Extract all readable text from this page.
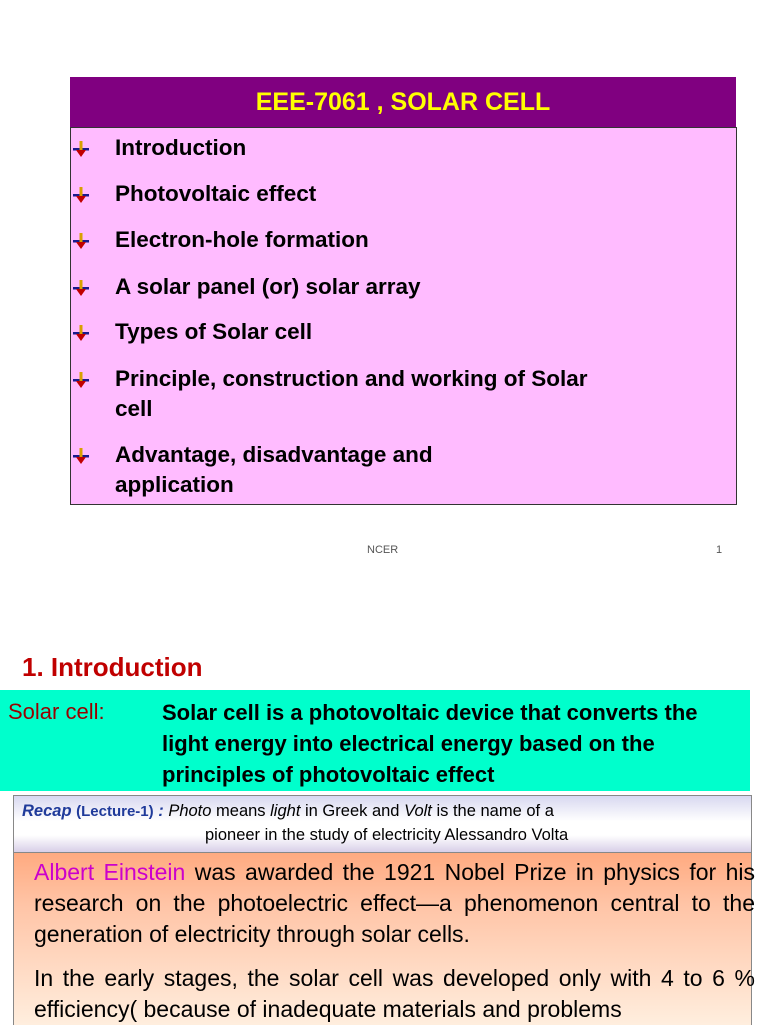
EEE-7061 , SOLAR CELL
Introduction
Photovoltaic effect
Electron-hole formation
A solar panel (or) solar array
Types of Solar cell
Principle, construction and working of Solar cell
Advantage, disadvantage and application
NCER	1
1. Introduction
Solar cell:	Solar cell is a photovoltaic device that converts the light energy into electrical energy based on the principles of photovoltaic effect
Recap (Lecture-1) : Photo means light in Greek and Volt is the name of a
pioneer in the study of electricity Alessandro Volta
Albert Einstein was awarded the 1921 Nobel Prize in physics for his research on the photoelectric effect—a phenomenon central to the generation of electricity through solar cells.
In the early stages, the solar cell was developed only with 4 to 6 % efficiency( because of inadequate materials and problems
